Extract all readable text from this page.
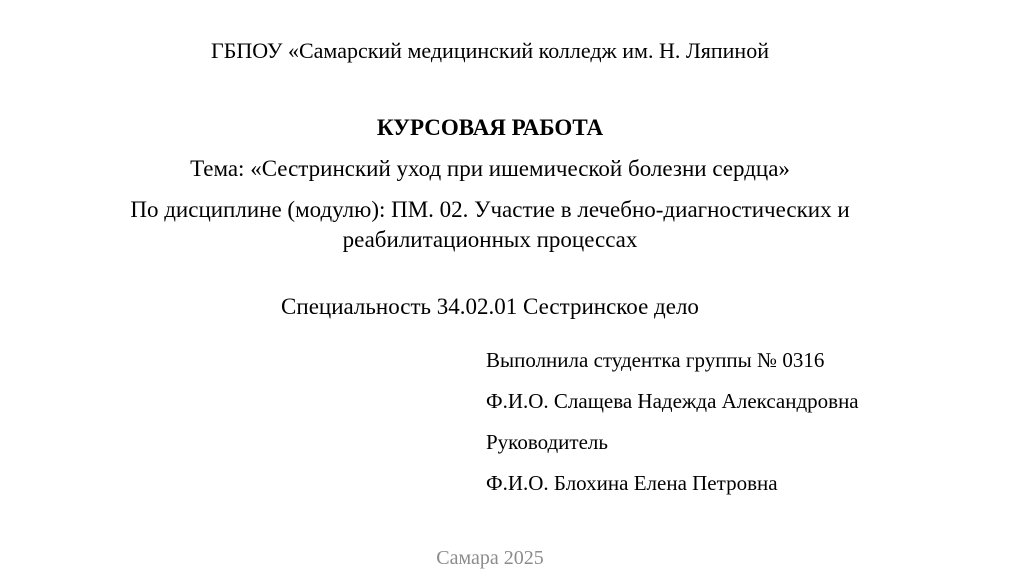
ГБПОУ «Самарский медицинский колледж им. Н. Ляпиной
КУРСОВАЯ РАБОТА
Тема: «Сестринский уход при ишемической болезни сердца»
По дисциплине (модулю): ПМ. 02. Участие в лечебно-диагностических и
реабилитационных процессах
Специальность 34.02.01 Сестринское дело
Выполнила студентка группы № 0316
Ф.И.О. Слащева Надежда Александровна
Руководитель
Ф.И.О. Блохина Елена Петровна
Самара 2025
